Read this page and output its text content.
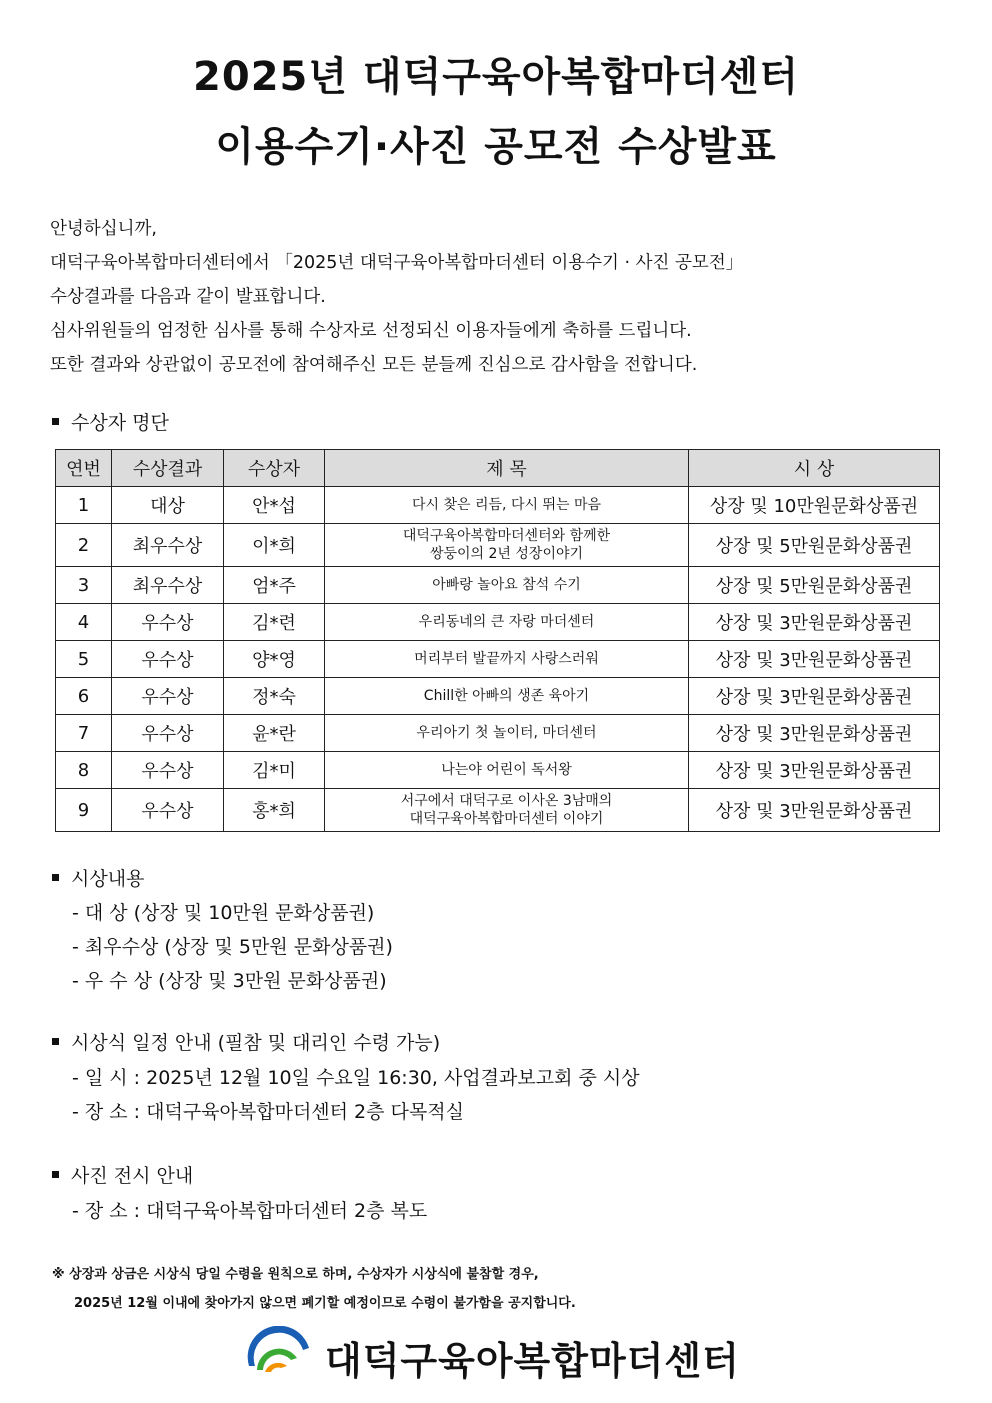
2025년 대덕구육아복합마더센터
이용수기·사진 공모전 수상발표
안녕하십니까,
대덕구육아복합마더센터에서 「2025년 대덕구육아복합마더센터 이용수기 · 사진 공모전」
수상결과를 다음과 같이 발표합니다.
심사위원들의 엄정한 심사를 통해 수상자로 선정되신 이용자들에게 축하를 드립니다.
또한 결과와 상관없이 공모전에 참여해주신 모든 분들께 진심으로 감사함을 전합니다.
수상자 명단
연번	수상결과	수상자	제 목	시 상
1	대상	안*섭	다시 찾은 리듬, 다시 뛰는 마음	상장 및 10만원문화상품권
2	최우수상	이*희	대덕구육아복합마더센터와 함께한
쌍둥이의 2년 성장이야기	상장 및 5만원문화상품권
3	최우수상	엄*주	아빠랑 놀아요 참석 수기	상장 및 5만원문화상품권
4	우수상	김*련	우리동네의 큰 자랑 마더센터	상장 및 3만원문화상품권
5	우수상	양*영	머리부터 발끝까지 사랑스러워	상장 및 3만원문화상품권
6	우수상	정*숙	Chill한 아빠의 생존 육아기	상장 및 3만원문화상품권
7	우수상	윤*란	우리아기 첫 놀이터, 마더센터	상장 및 3만원문화상품권
8	우수상	김*미	나는야 어린이 독서왕	상장 및 3만원문화상품권
9	우수상	홍*희	서구에서 대덕구로 이사온 3남매의
대덕구육아복합마더센터 이야기	상장 및 3만원문화상품권
시상내용
- 대 상 (상장 및 10만원 문화상품권)
- 최우수상 (상장 및 5만원 문화상품권)
- 우 수 상 (상장 및 3만원 문화상품권)
시상식 일정 안내 (필참 및 대리인 수령 가능)
- 일 시 : 2025년 12월 10일 수요일 16:30, 사업결과보고회 중 시상
- 장 소 : 대덕구육아복합마더센터 2층 다목적실
사진 전시 안내
- 장 소 : 대덕구육아복합마더센터 2층 복도
※ 상장과 상금은 시상식 당일 수령을 원칙으로 하며, 수상자가 시상식에 불참할 경우,
2025년 12월 이내에 찾아가지 않으면 폐기할 예정이므로 수령이 불가함을 공지합니다.
대덕구육아복합마더센터
